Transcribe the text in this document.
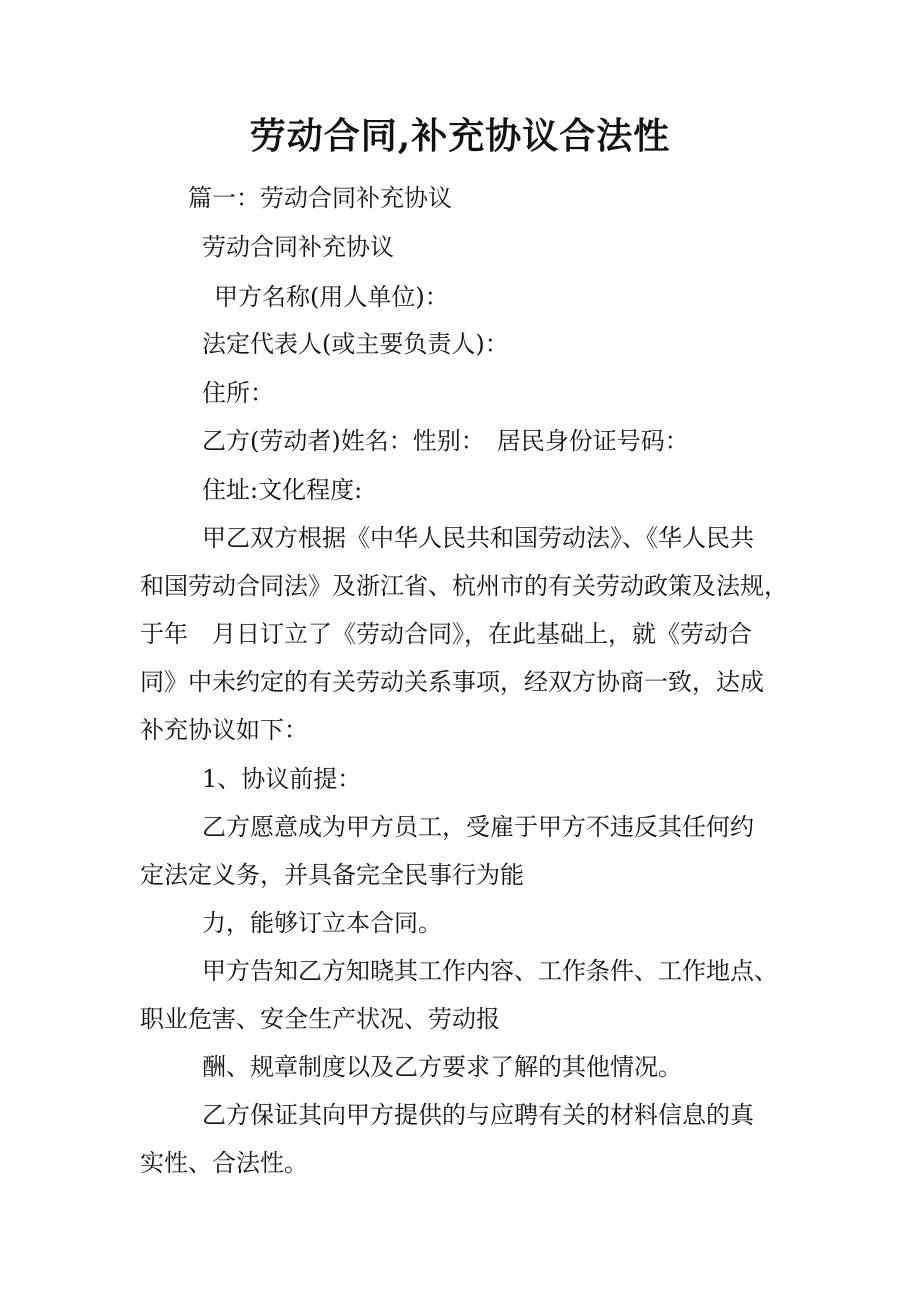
劳动合同,补充协议合法性
篇一：劳动合同补充协议
劳动合同补充协议
甲方名称(用人单位)：
法定代表人(或主要负责人)：
住所：
乙方(劳动者)姓名：性别：　居民身份证号码：
住址:文化程度:
甲乙双方根据《中华人民共和国劳动法》、《华人民共
和国劳动合同法》及浙江省、杭州市的有关劳动政策及法规，
于年　月日订立了《劳动合同》，在此基础上，就《劳动合
同》中未约定的有关劳动关系事项，经双方协商一致，达成
补充协议如下：
1、协议前提：
乙方愿意成为甲方员工，受雇于甲方不违反其任何约
定法定义务，并具备完全民事行为能
力，能够订立本合同。
甲方告知乙方知晓其工作内容、工作条件、工作地点、
职业危害、安全生产状况、劳动报
酬、规章制度以及乙方要求了解的其他情况。
乙方保证其向甲方提供的与应聘有关的材料信息的真
实性、合法性。
